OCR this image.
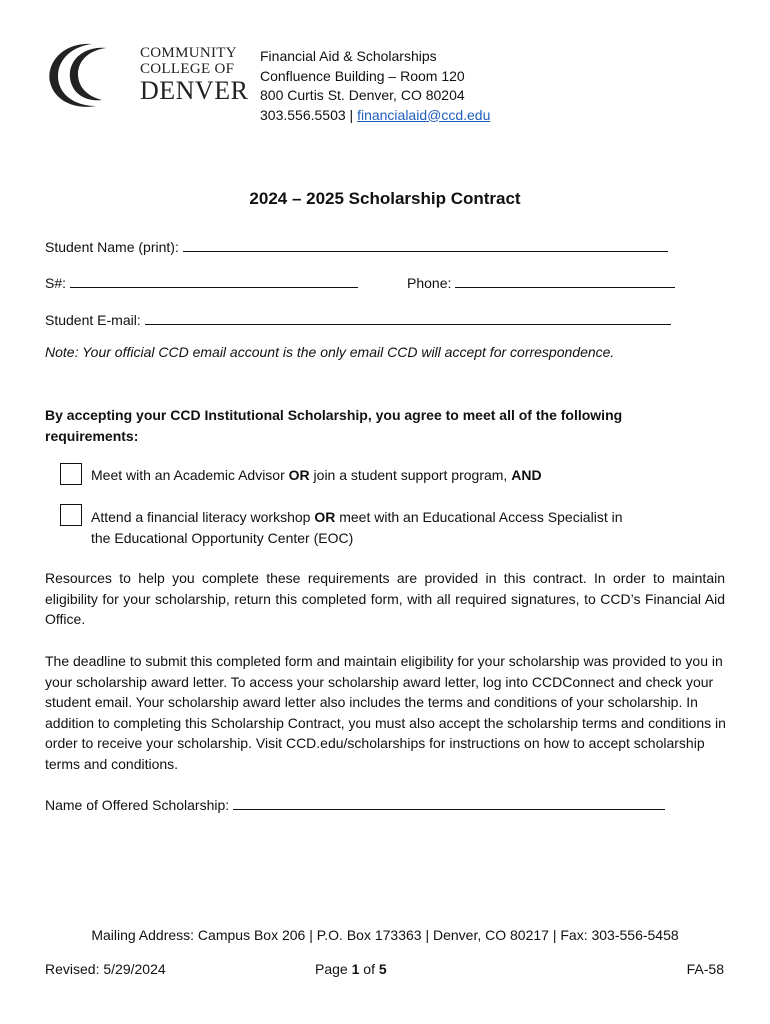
COMMUNITY
COLLEGE OF
DENVER
Financial Aid & Scholarships
Confluence Building – Room 120
800 Curtis St. Denver, CO 80204
303.556.5503 | financialaid@ccd.edu
2024 – 2025 Scholarship Contract
Student Name (print):
S#:	Phone:
Student E-mail:
Note: Your official CCD email account is the only email CCD will accept for correspondence.
By accepting your CCD Institutional Scholarship, you agree to meet all of the following requirements:
Meet with an Academic Advisor OR join a student support program, AND
Attend a financial literacy workshop OR meet with an Educational Access Specialist in
the Educational Opportunity Center (EOC)
Resources to help you complete these requirements are provided in this contract. In order to maintain eligibility for your scholarship, return this completed form, with all required signatures, to CCD’s Financial Aid Office.
The deadline to submit this completed form and maintain eligibility for your scholarship was provided to you in your scholarship award letter. To access your scholarship award letter, log into CCDConnect and check your student email. Your scholarship award letter also includes the terms and conditions of your scholarship. In addition to completing this Scholarship Contract, you must also accept the scholarship terms and conditions in order to receive your scholarship. Visit CCD.edu/scholarships for instructions on how to accept scholarship terms and conditions.
Name of Offered Scholarship:
Mailing Address: Campus Box 206 | P.O. Box 173363 | Denver, CO 80217 | Fax: 303-556-5458
Revised: 5/29/2024	Page 1 of 5	FA-58
